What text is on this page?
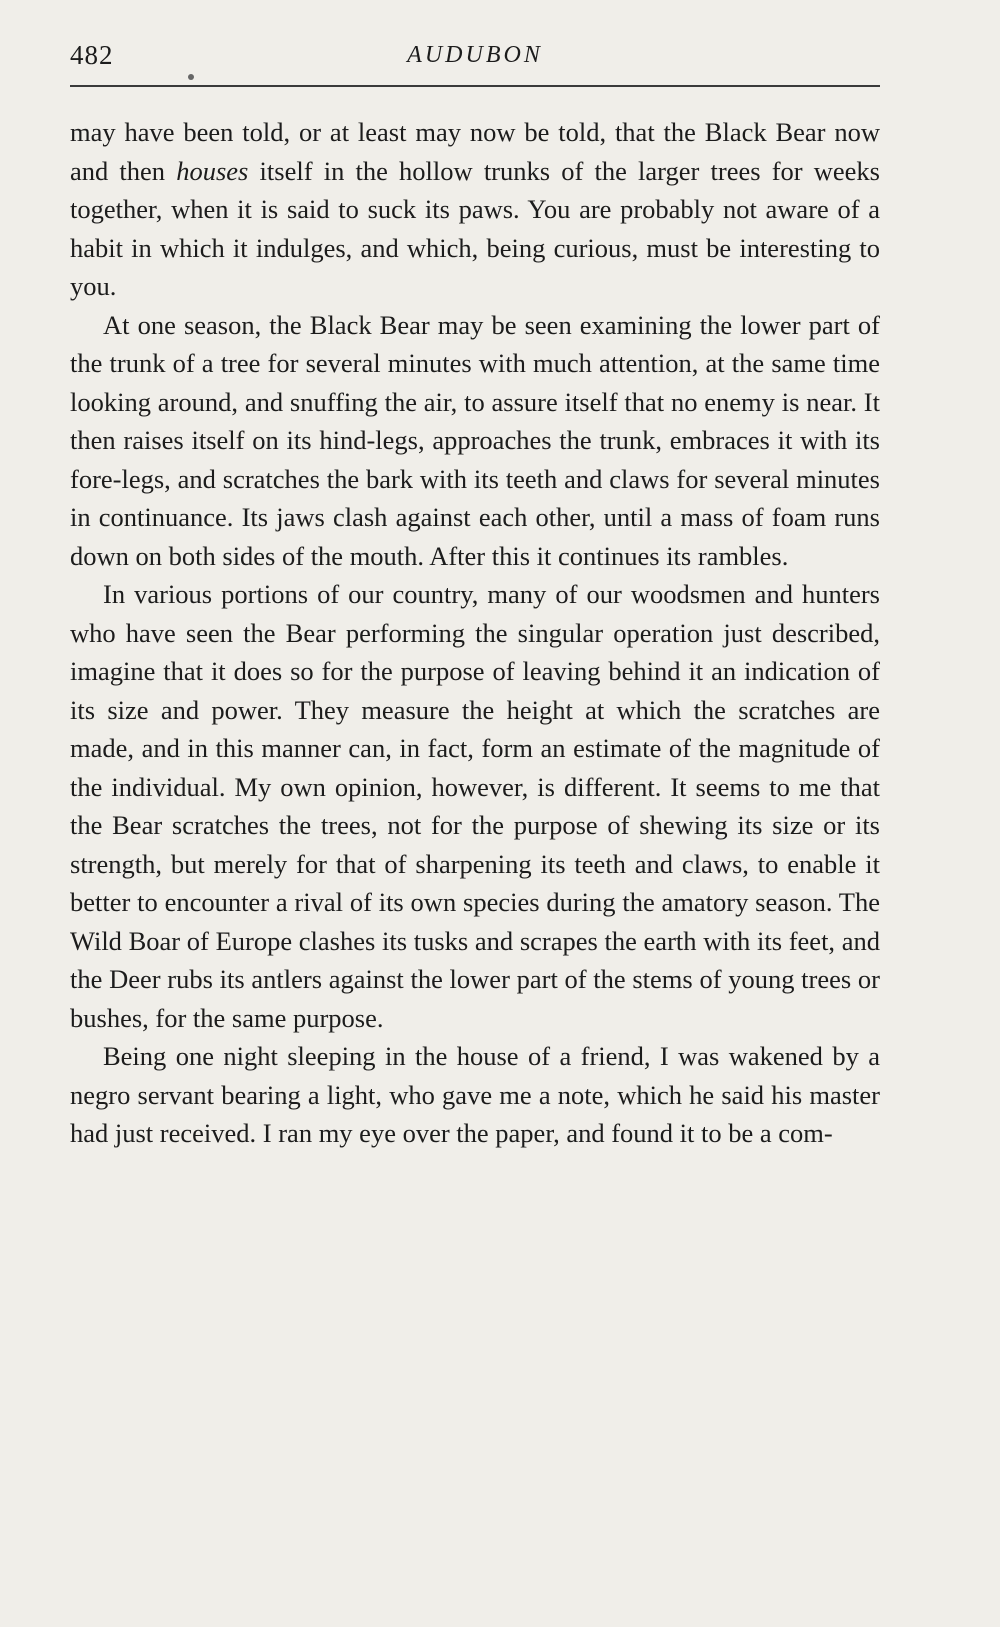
482	AUDUBON

may have been told, or at least may now be told, that the Black Bear now and then houses itself in the hollow trunks of the larger trees for weeks together, when it is said to suck its paws. You are probably not aware of a habit in which it indulges, and which, being curious, must be interesting to you.

At one season, the Black Bear may be seen examining the lower part of the trunk of a tree for several minutes with much attention, at the same time looking around, and snuffing the air, to assure itself that no enemy is near. It then raises itself on its hind-legs, approaches the trunk, embraces it with its fore-legs, and scratches the bark with its teeth and claws for several minutes in continuance. Its jaws clash against each other, until a mass of foam runs down on both sides of the mouth. After this it continues its rambles.

In various portions of our country, many of our woodsmen and hunters who have seen the Bear performing the singular operation just described, imagine that it does so for the purpose of leaving behind it an indication of its size and power. They measure the height at which the scratches are made, and in this manner can, in fact, form an estimate of the magnitude of the individual. My own opinion, however, is different. It seems to me that the Bear scratches the trees, not for the purpose of shewing its size or its strength, but merely for that of sharpening its teeth and claws, to enable it better to encounter a rival of its own species during the amatory season. The Wild Boar of Europe clashes its tusks and scrapes the earth with its feet, and the Deer rubs its antlers against the lower part of the stems of young trees or bushes, for the same purpose.

Being one night sleeping in the house of a friend, I was wakened by a negro servant bearing a light, who gave me a note, which he said his master had just received. I ran my eye over the paper, and found it to be a com-
